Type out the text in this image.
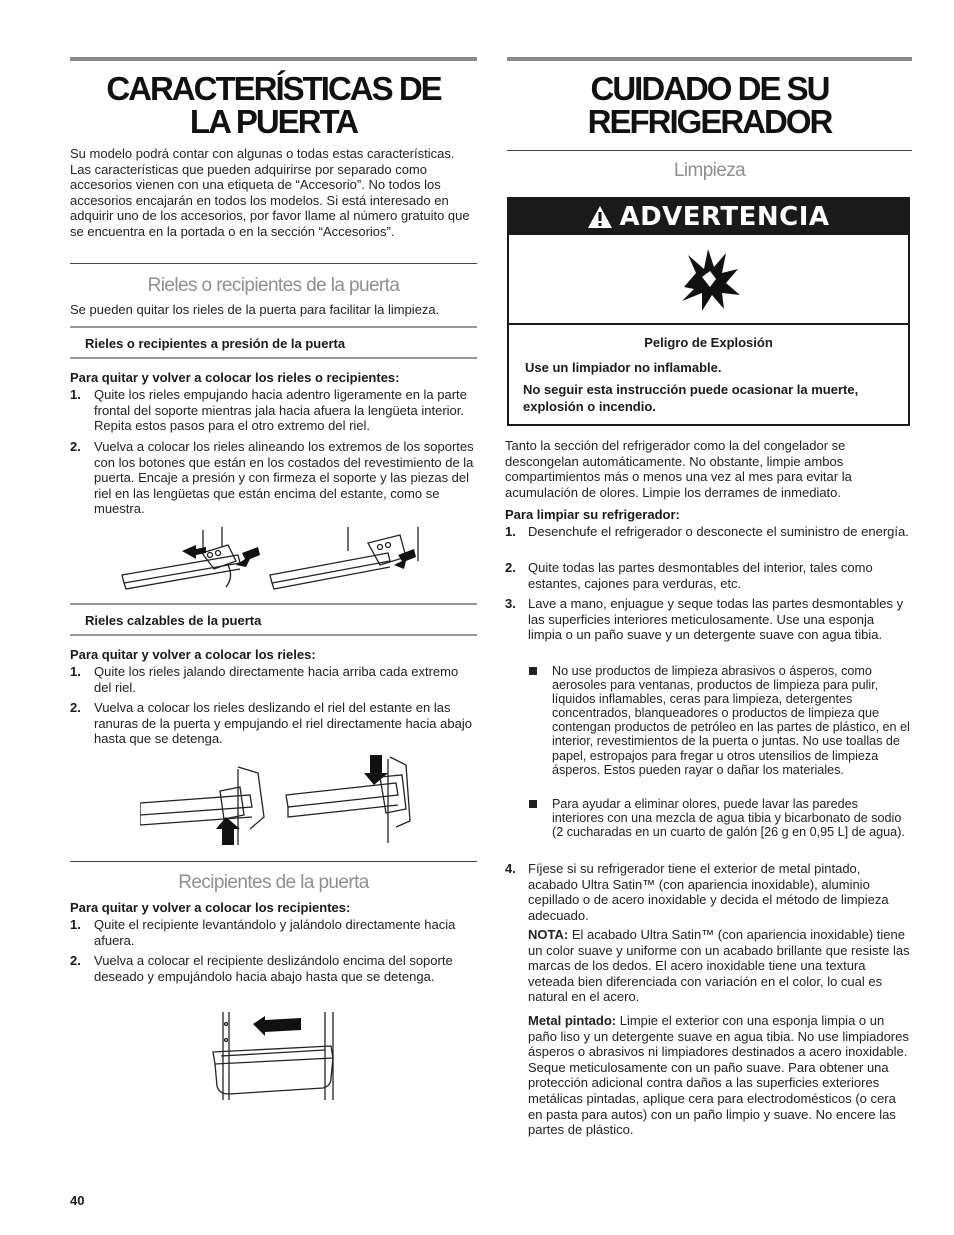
CARACTERÍSTICAS DE
LA PUERTA
Su modelo podrá contar con algunas o todas estas características. Las características que pueden adquirirse por separado como accesorios vienen con una etiqueta de “Accesorio”. No todos los accesorios encajarán en todos los modelos. Si está interesado en adquirir uno de los accesorios, por favor llame al número gratuito que se encuentra en la portada o en la sección “Accesorios”.
Rieles o recipientes de la puerta
Se pueden quitar los rieles de la puerta para facilitar la limpieza.
Rieles o recipientes a presión de la puerta
Para quitar y volver a colocar los rieles o recipientes:
1. Quite los rieles empujando hacia adentro ligeramente en la parte frontal del soporte mientras jala hacia afuera la lengüeta interior. Repita estos pasos para el otro extremo del riel.
2. Vuelva a colocar los rieles alineando los extremos de los soportes con los botones que están en los costados del revestimiento de la puerta. Encaje a presión y con firmeza el soporte y las piezas del riel en las lengüetas que están encima del estante, como se muestra.
Rieles calzables de la puerta
Para quitar y volver a colocar los rieles:
1. Quite los rieles jalando directamente hacia arriba cada extremo del riel.
2. Vuelva a colocar los rieles deslizando el riel del estante en las ranuras de la puerta y empujando el riel directamente hacia abajo hasta que se detenga.
Recipientes de la puerta
Para quitar y volver a colocar los recipientes:
1. Quite el recipiente levantándolo y jalándolo directamente hacia afuera.
2. Vuelva a colocar el recipiente deslizándolo encima del soporte deseado y empujándolo hacia abajo hasta que se detenga.
40
CUIDADO DE SU
REFRIGERADOR
Limpieza
ADVERTENCIA
Peligro de Explosión
Use un limpiador no inflamable.
No seguir esta instrucción puede ocasionar la muerte, explosión o incendio.
Tanto la sección del refrigerador como la del congelador se descongelan automáticamente. No obstante, limpie ambos compartimientos más o menos una vez al mes para evitar la acumulación de olores. Limpie los derrames de inmediato.
Para limpiar su refrigerador:
1. Desenchufe el refrigerador o desconecte el suministro de energía.
2. Quite todas las partes desmontables del interior, tales como estantes, cajones para verduras, etc.
3. Lave a mano, enjuague y seque todas las partes desmontables y las superficies interiores meticulosamente. Use una esponja limpia o un paño suave y un detergente suave con agua tibia.
No use productos de limpieza abrasivos o ásperos, como aerosoles para ventanas, productos de limpieza para pulir, líquidos inflamables, ceras para limpieza, detergentes concentrados, blanqueadores o productos de limpieza que contengan productos de petróleo en las partes de plástico, en el interior, revestimientos de la puerta o juntas. No use toallas de papel, estropajos para fregar u otros utensilios de limpieza ásperos. Estos pueden rayar o dañar los materiales.
Para ayudar a eliminar olores, puede lavar las paredes interiores con una mezcla de agua tibia y bicarbonato de sodio (2 cucharadas en un cuarto de galón [26 g en 0,95 L] de agua).
4. Fíjese si su refrigerador tiene el exterior de metal pintado, acabado Ultra Satin™ (con apariencia inoxidable), aluminio cepillado o de acero inoxidable y decida el método de limpieza adecuado.
NOTA: El acabado Ultra Satin™ (con apariencia inoxidable) tiene un color suave y uniforme con un acabado brillante que resiste las marcas de los dedos. El acero inoxidable tiene una textura veteada bien diferenciada con variación en el color, lo cual es natural en el acero.
Metal pintado: Limpie el exterior con una esponja limpia o un paño liso y un detergente suave en agua tibia. No use limpiadores ásperos o abrasivos ni limpiadores destinados a acero inoxidable. Seque meticulosamente con un paño suave. Para obtener una protección adicional contra daños a las superficies exteriores metálicas pintadas, aplique cera para electrodomésticos (o cera en pasta para autos) con un paño limpio y suave. No encere las partes de plástico.
